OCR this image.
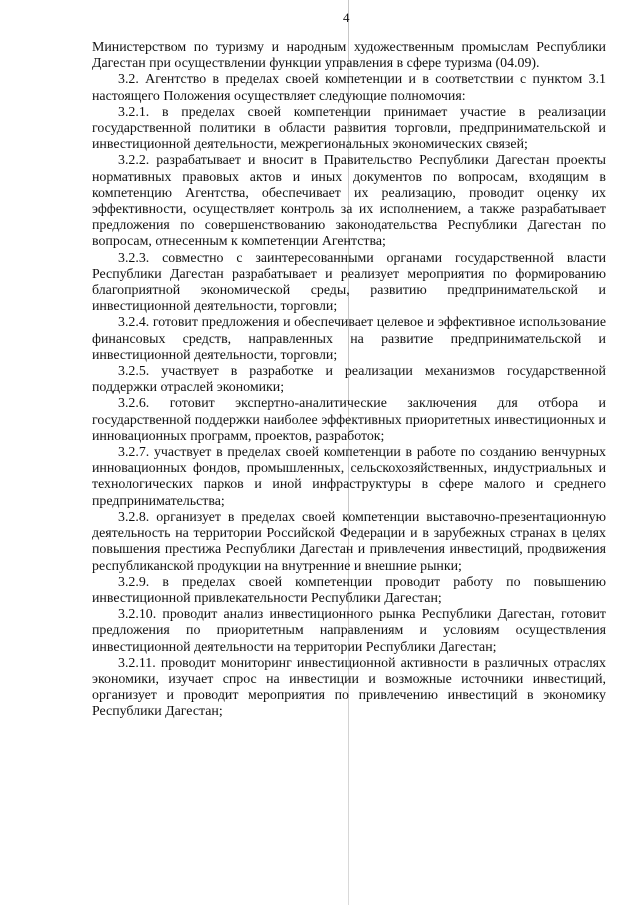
4

Министерством по туризму и народным художественным промыслам Республики Дагестан при осуществлении функции управления в сфере туризма (04.09).

3.2. Агентство в пределах своей компетенции и в соответствии с пунктом 3.1 настоящего Положения осуществляет следующие полномочия:

3.2.1. в пределах своей компетенции принимает участие в реализации государственной политики в области развития торговли, предпринимательской и инвестиционной деятельности, межрегиональных экономических связей;

3.2.2. разрабатывает и вносит в Правительство Республики Дагестан проекты нормативных правовых актов и иных документов по вопросам, входящим в компетенцию Агентства, обеспечивает их реализацию, проводит оценку их эффективности, осуществляет контроль за их исполнением, а также разрабатывает предложения по совершенствованию законодательства Республики Дагестан по вопросам, отнесенным к компетенции Агентства;

3.2.3. совместно с заинтересованными органами государственной власти Республики Дагестан разрабатывает и реализует мероприятия по формированию благоприятной экономической среды, развитию предпринимательской и инвестиционной деятельности, торговли;

3.2.4. готовит предложения и обеспечивает целевое и эффективное использование финансовых средств, направленных на развитие предпринимательской и инвестиционной деятельности, торговли;

3.2.5. участвует в разработке и реализации механизмов государственной поддержки отраслей экономики;

3.2.6. готовит экспертно-аналитические заключения для отбора и государственной поддержки наиболее эффективных приоритетных инвестиционных и инновационных программ, проектов, разработок;

3.2.7. участвует в пределах своей компетенции в работе по созданию венчурных инновационных фондов, промышленных, сельскохозяйственных, индустриальных и технологических парков и иной инфраструктуры в сфере малого и среднего предпринимательства;

3.2.8. организует в пределах своей компетенции выставочно-презентационную деятельность на территории Российской Федерации и в зарубежных странах в целях повышения престижа Республики Дагестан и привлечения инвестиций, продвижения республиканской продукции на внутренние и внешние рынки;

3.2.9. в пределах своей компетенции проводит работу по повышению инвестиционной привлекательности Республики Дагестан;

3.2.10. проводит анализ инвестиционного рынка Республики Дагестан, готовит предложения по приоритетным направлениям и условиям осуществления инвестиционной деятельности на территории Республики Дагестан;

3.2.11. проводит мониторинг инвестиционной активности в различных отраслях экономики, изучает спрос на инвестиции и возможные источники инвестиций, организует и проводит мероприятия по привлечению инвестиций в экономику Республики Дагестан;
